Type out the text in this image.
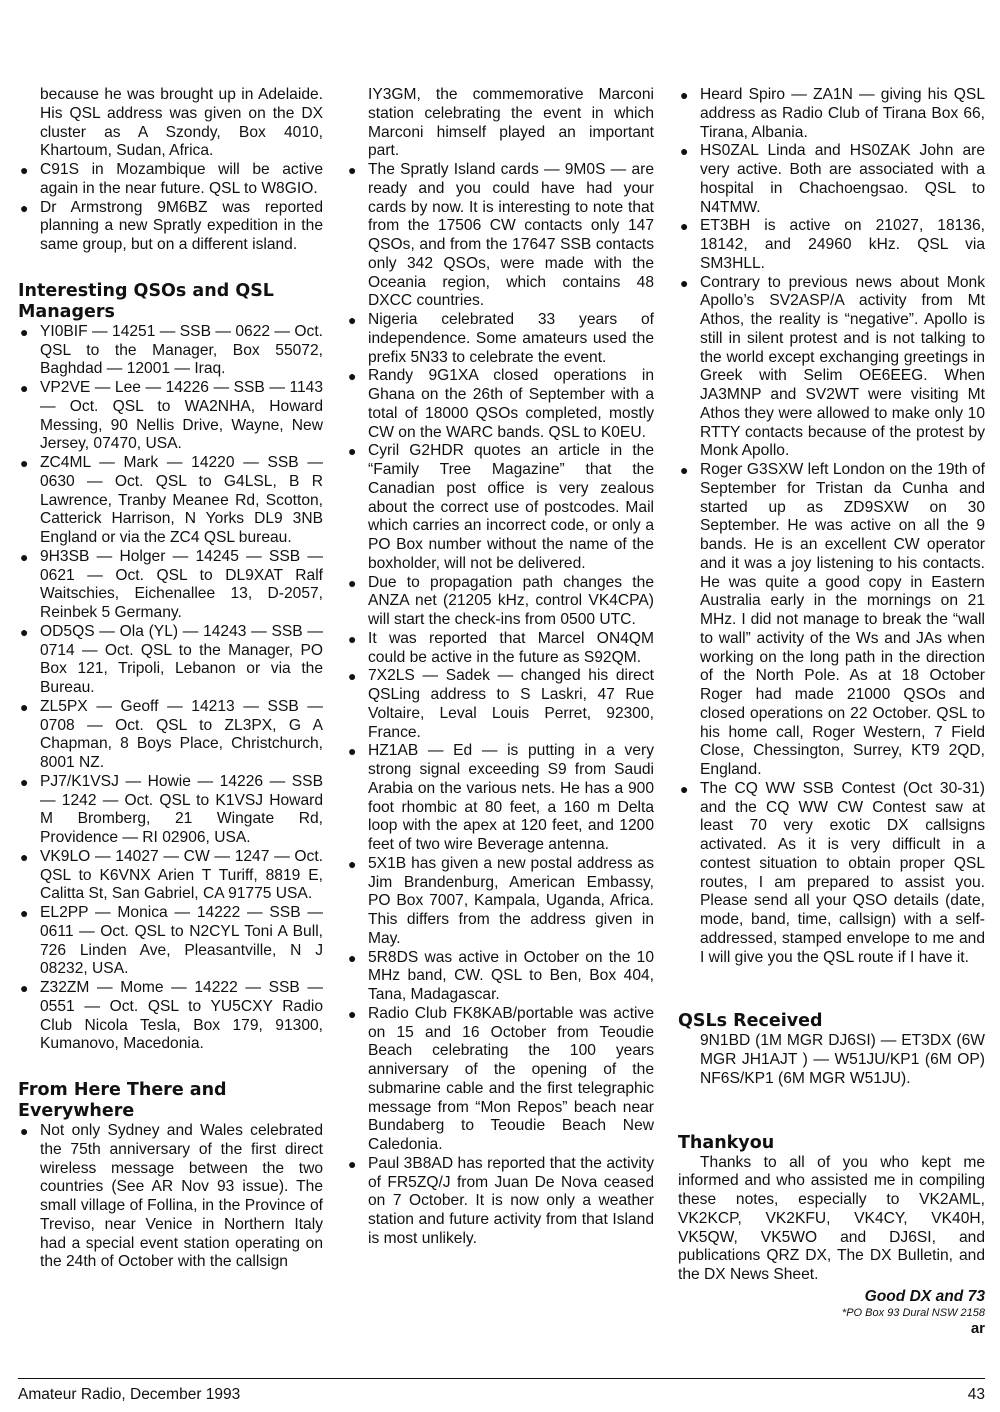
because he was brought up in Adelaide. His QSL address was given on the DX cluster as A Szondy, Box 4010, Khartoum, Sudan, Africa.

● C91S in Mozambique will be active again in the near future. QSL to W8GIO.
● Dr Armstrong 9M6BZ was reported planning a new Spratly expedition in the same group, but on a different island.
Interesting QSOs and QSL Managers
● YI0BIF — 14251 — SSB — 0622 — Oct. QSL to the Manager, Box 55072, Baghdad — 12001 — Iraq.
● VP2VE — Lee — 14226 — SSB — 1143 — Oct. QSL to WA2NHA, Howard Messing, 90 Nellis Drive, Wayne, New Jersey, 07470, USA.
● ZC4ML — Mark — 14220 — SSB — 0630 — Oct. QSL to G4LSL, B R Lawrence, Tranby Meanee Rd, Scotton, Catterick Harrison, N Yorks DL9 3NB England or via the ZC4 QSL bureau.
● 9H3SB — Holger — 14245 — SSB — 0621 — Oct. QSL to DL9XAT Ralf Waitschies, Eichenallee 13, D-2057, Reinbek 5 Germany.
● OD5QS — Ola (YL) — 14243 — SSB — 0714 — Oct. QSL to the Manager, PO Box 121, Tripoli, Lebanon or via the Bureau.
● ZL5PX — Geoff — 14213 — SSB — 0708 — Oct. QSL to ZL3PX, G A Chapman, 8 Boys Place, Christchurch, 8001 NZ.
● PJ7/K1VSJ — Howie — 14226 — SSB — 1242 — Oct. QSL to K1VSJ Howard M Bromberg, 21 Wingate Rd, Providence — RI 02906, USA.
● VK9LO — 14027 — CW — 1247 — Oct. QSL to K6VNX Arien T Turiff, 8819 E, Calitta St, San Gabriel, CA 91775 USA.
● EL2PP — Monica — 14222 — SSB — 0611 — Oct. QSL to N2CYL Toni A Bull, 726 Linden Ave, Pleasantville, N J 08232, USA.
● Z32ZM — Mome — 14222 — SSB — 0551 — Oct. QSL to YU5CXY Radio Club Nicola Tesla, Box 179, 91300, Kumanovo, Macedonia.
From Here There and Everywhere
● Not only Sydney and Wales celebrated the 75th anniversary of the first direct wireless message between the two countries (See AR Nov 93 issue). The small village of Follina, in the Province of Treviso, near Venice in Northern Italy had a special event station operating on the 24th of October with the callsign

IY3GM, the commemorative Marconi station celebrating the event in which Marconi himself played an important part.

● The Spratly Island cards — 9M0S — are ready and you could have had your cards by now. It is interesting to note that from the 17506 CW contacts only 147 QSOs, and from the 17647 SSB contacts only 342 QSOs, were made with the Oceania region, which contains 48 DXCC countries.
● Nigeria celebrated 33 years of independence. Some amateurs used the prefix 5N33 to celebrate the event.
● Randy 9G1XA closed operations in Ghana on the 26th of September with a total of 18000 QSOs completed, mostly CW on the WARC bands. QSL to K0EU.
● Cyril G2HDR quotes an article in the “Family Tree Magazine” that the Canadian post office is very zealous about the correct use of postcodes. Mail which carries an incorrect code, or only a PO Box number without the name of the boxholder, will not be delivered.
● Due to propagation path changes the ANZA net (21205 kHz, control VK4CPA) will start the check-ins from 0500 UTC.
● It was reported that Marcel ON4QM could be active in the future as S92QM.
● 7X2LS — Sadek — changed his direct QSLing address to S Laskri, 47 Rue Voltaire, Leval Louis Perret, 92300, France.
● HZ1AB — Ed — is putting in a very strong signal exceeding S9 from Saudi Arabia on the various nets. He has a 900 foot rhombic at 80 feet, a 160 m Delta loop with the apex at 120 feet, and 1200 feet of two wire Beverage antenna.
● 5X1B has given a new postal address as Jim Brandenburg, American Embassy, PO Box 7007, Kampala, Uganda, Africa. This differs from the address given in May.
● 5R8DS was active in October on the 10 MHz band, CW. QSL to Ben, Box 404, Tana, Madagascar.
● Radio Club FK8KAB/portable was active on 15 and 16 October from Teoudie Beach celebrating the 100 years anniversary of the opening of the submarine cable and the first telegraphic message from “Mon Repos” beach near Bundaberg to Teoudie Beach New Caledonia.
● Paul 3B8AD has reported that the activity of FR5ZQ/J from Juan De Nova ceased on 7 October. It is now only a weather station and future activity from that Island is most unlikely.
● Heard Spiro — ZA1N — giving his QSL address as Radio Club of Tirana Box 66, Tirana, Albania.
● HS0ZAL Linda and HS0ZAK John are very active. Both are associated with a hospital in Chachoengsao. QSL to N4TMW.
● ET3BH is active on 21027, 18136, 18142, and 24960 kHz. QSL via SM3HLL.
● Contrary to previous news about Monk Apollo’s SV2ASP/A activity from Mt Athos, the reality is “negative”. Apollo is still in silent protest and is not talking to the world except exchanging greetings in Greek with Selim OE6EEG. When JA3MNP and SV2WT were visiting Mt Athos they were allowed to make only 10 RTTY contacts because of the protest by Monk Apollo.
● Roger G3SXW left London on the 19th of September for Tristan da Cunha and started up as ZD9SXW on 30 September. He was active on all the 9 bands. He is an excellent CW operator and it was a joy listening to his contacts. He was quite a good copy in Eastern Australia early in the mornings on 21 MHz. I did not manage to break the “wall to wall” activity of the Ws and JAs when working on the long path in the direction of the North Pole. As at 18 October Roger had made 21000 QSOs and closed operations on 22 October. QSL to his home call, Roger Western, 7 Field Close, Chessington, Surrey, KT9 2QD, England.
● The CQ WW SSB Contest (Oct 30-31) and the CQ WW CW Contest saw at least 70 very exotic DX callsigns activated. As it is very difficult in a contest situation to obtain proper QSL routes, I am prepared to assist you. Please send all your QSO details (date, mode, band, time, callsign) with a self-addressed, stamped envelope to me and I will give you the QSL route if I have it.
QSLs Received

9N1BD (1M MGR DJ6SI) — ET3DX (6W MGR JH1AJT ) — W51JU/KP1 (6M OP) NF6S/KP1 (6M MGR W51JU).

Thankyou

Thanks to all of you who kept me informed and who assisted me in compiling these notes, especially to VK2AML, VK2KCP, VK2KFU, VK4CY, VK40H, VK5QW, VK5WO and DJ6SI, and publications QRZ DX, The DX Bulletin, and the DX News Sheet.

Good DX and 73
*PO Box 93 Dural NSW 2158
ar
Amateur Radio, December 1993	43
